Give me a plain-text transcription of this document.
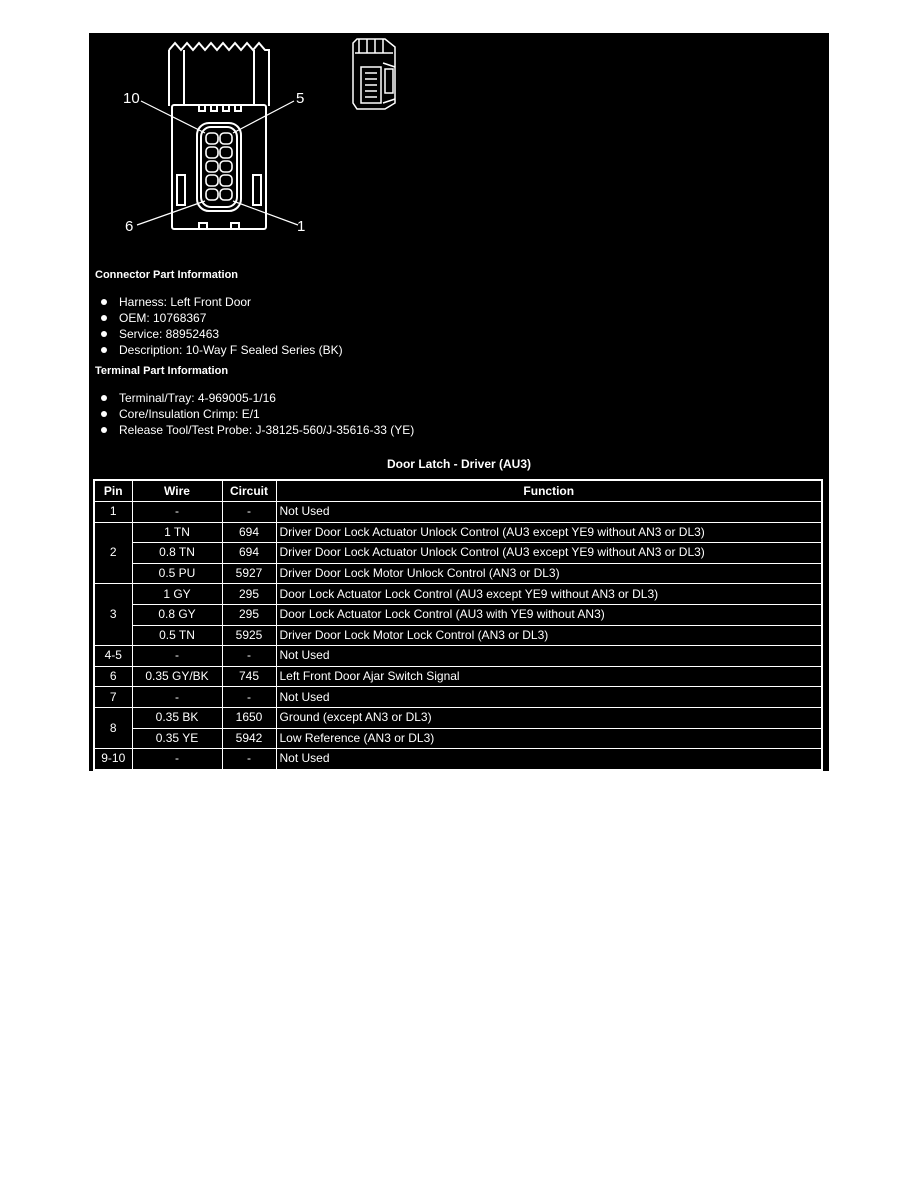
10	5
6	1
Connector Part Information
Harness: Left Front Door
OEM: 10768367
Service: 88952463
Description: 10-Way F Sealed Series (BK)
Terminal Part Information
Terminal/Tray: 4-969005-1/16
Core/Insulation Crimp: E/1
Release Tool/Test Probe: J-38125-560/J-35616-33 (YE)
Door Latch - Driver (AU3)
Pin	Wire	Circuit	Function
1	-	-	Not Used
2	1 TN	694	Driver Door Lock Actuator Unlock Control (AU3 except YE9 without AN3 or DL3)
	0.8 TN	694	Driver Door Lock Actuator Unlock Control (AU3 except YE9 without AN3 or DL3)
	0.5 PU	5927	Driver Door Lock Motor Unlock Control (AN3 or DL3)
3	1 GY	295	Door Lock Actuator Lock Control (AU3 except YE9 without AN3 or DL3)
	0.8 GY	295	Door Lock Actuator Lock Control (AU3 with YE9 without AN3)
	0.5 TN	5925	Driver Door Lock Motor Lock Control (AN3 or DL3)
4-5	-	-	Not Used
6	0.35 GY/BK	745	Left Front Door Ajar Switch Signal
7	-	-	Not Used
8	0.35 BK	1650	Ground (except AN3 or DL3)
	0.35 YE	5942	Low Reference (AN3 or DL3)
9-10	-	-	Not Used
